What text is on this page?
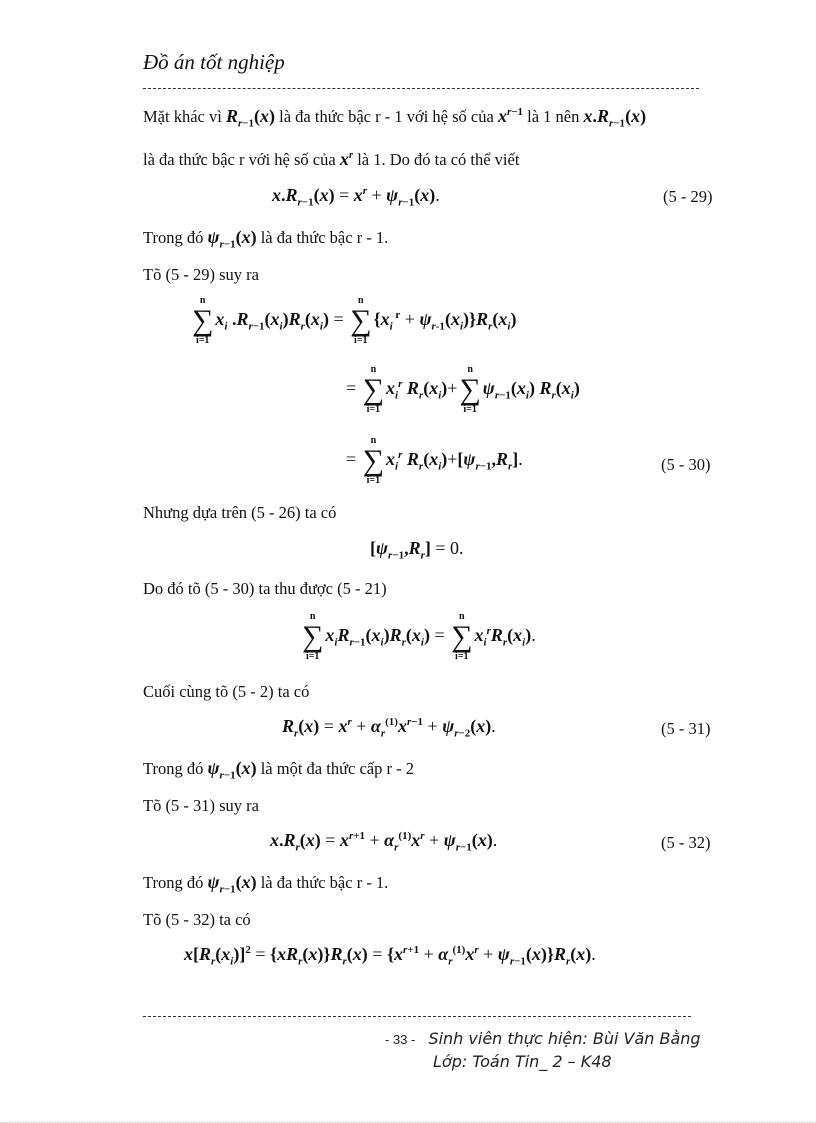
Đồ án tốt nghiệp
Mặt khác vì $R_{r-1}(x)$ là đa thức bậc r - 1 với hệ số của $x^{r-1}$ là 1 nên $x.R_{r-1}(x)$
là đa thức bậc r với hệ số của $x^r$ là 1. Do đó ta có thể viết
$x.R_{r-1}(x) = x^r + \psi_{r-1}(x)$.	(5 - 29)
Trong đó $\psi_{r-1}(x)$ là đa thức bậc r - 1.
Tõ (5 - 29) suy ra
∑
n
i=1
$x_i$ $.R_{r-1}(x_i)R_r(x_i)$ = ∑
n
i=1
{$x_i$ $^r + \psi_{r-1}(x_i)\}R_r(x_i)$
= ∑
n
i=1
$x_i^r$ $R_r(x_i)+\sum$
n
i=1
$\psi_{r-1}(x_i)$ $R_r(x_i)$
= ∑
n
i=1
$x_i^r$ $R_r(x_i)+[\psi_{r-1},R_r]$.	(5 - 30)
Nhưng dựa trên (5 - 26) ta có
$[\psi_{r-1},R_r] = 0$.
Do đó tõ (5 - 30) ta thu được (5 - 21)
∑
n
i=1
$x_iR_{r-1}(x_i)R_r(x_i)$ = ∑
n
i=1
$x_i^rR_r(x_i)$.
Cuối cùng tõ (5 - 2) ta có
$R_r(x) = x^r + \alpha_r^{(1)}x^{r-1} + \psi_{r-2}(x)$.	(5 - 31)
Trong đó $\psi_{r-1}(x)$ là một đa thức cấp r - 2
Tõ (5 - 31) suy ra
$x.R_r(x) = x^{r+1} + \alpha_r^{(1)}x^r + \psi_{r-1}(x)$.	(5 - 32)
Trong đó $\psi_{r-1}(x)$ là đa thức bậc r - 1.
Tõ (5 - 32) ta có
$x[R_r(x_i)]^2 = \{xR_r(x)\}R_r(x) = \{x^{r+1} + \alpha_r^{(1)}x^r + \psi_{r-1}(x)\}R_r(x)$.
- 33 - Sinh viên thực hiện: Bùi Văn Bằng
Lớp: Toán Tin_ 2 – K48
